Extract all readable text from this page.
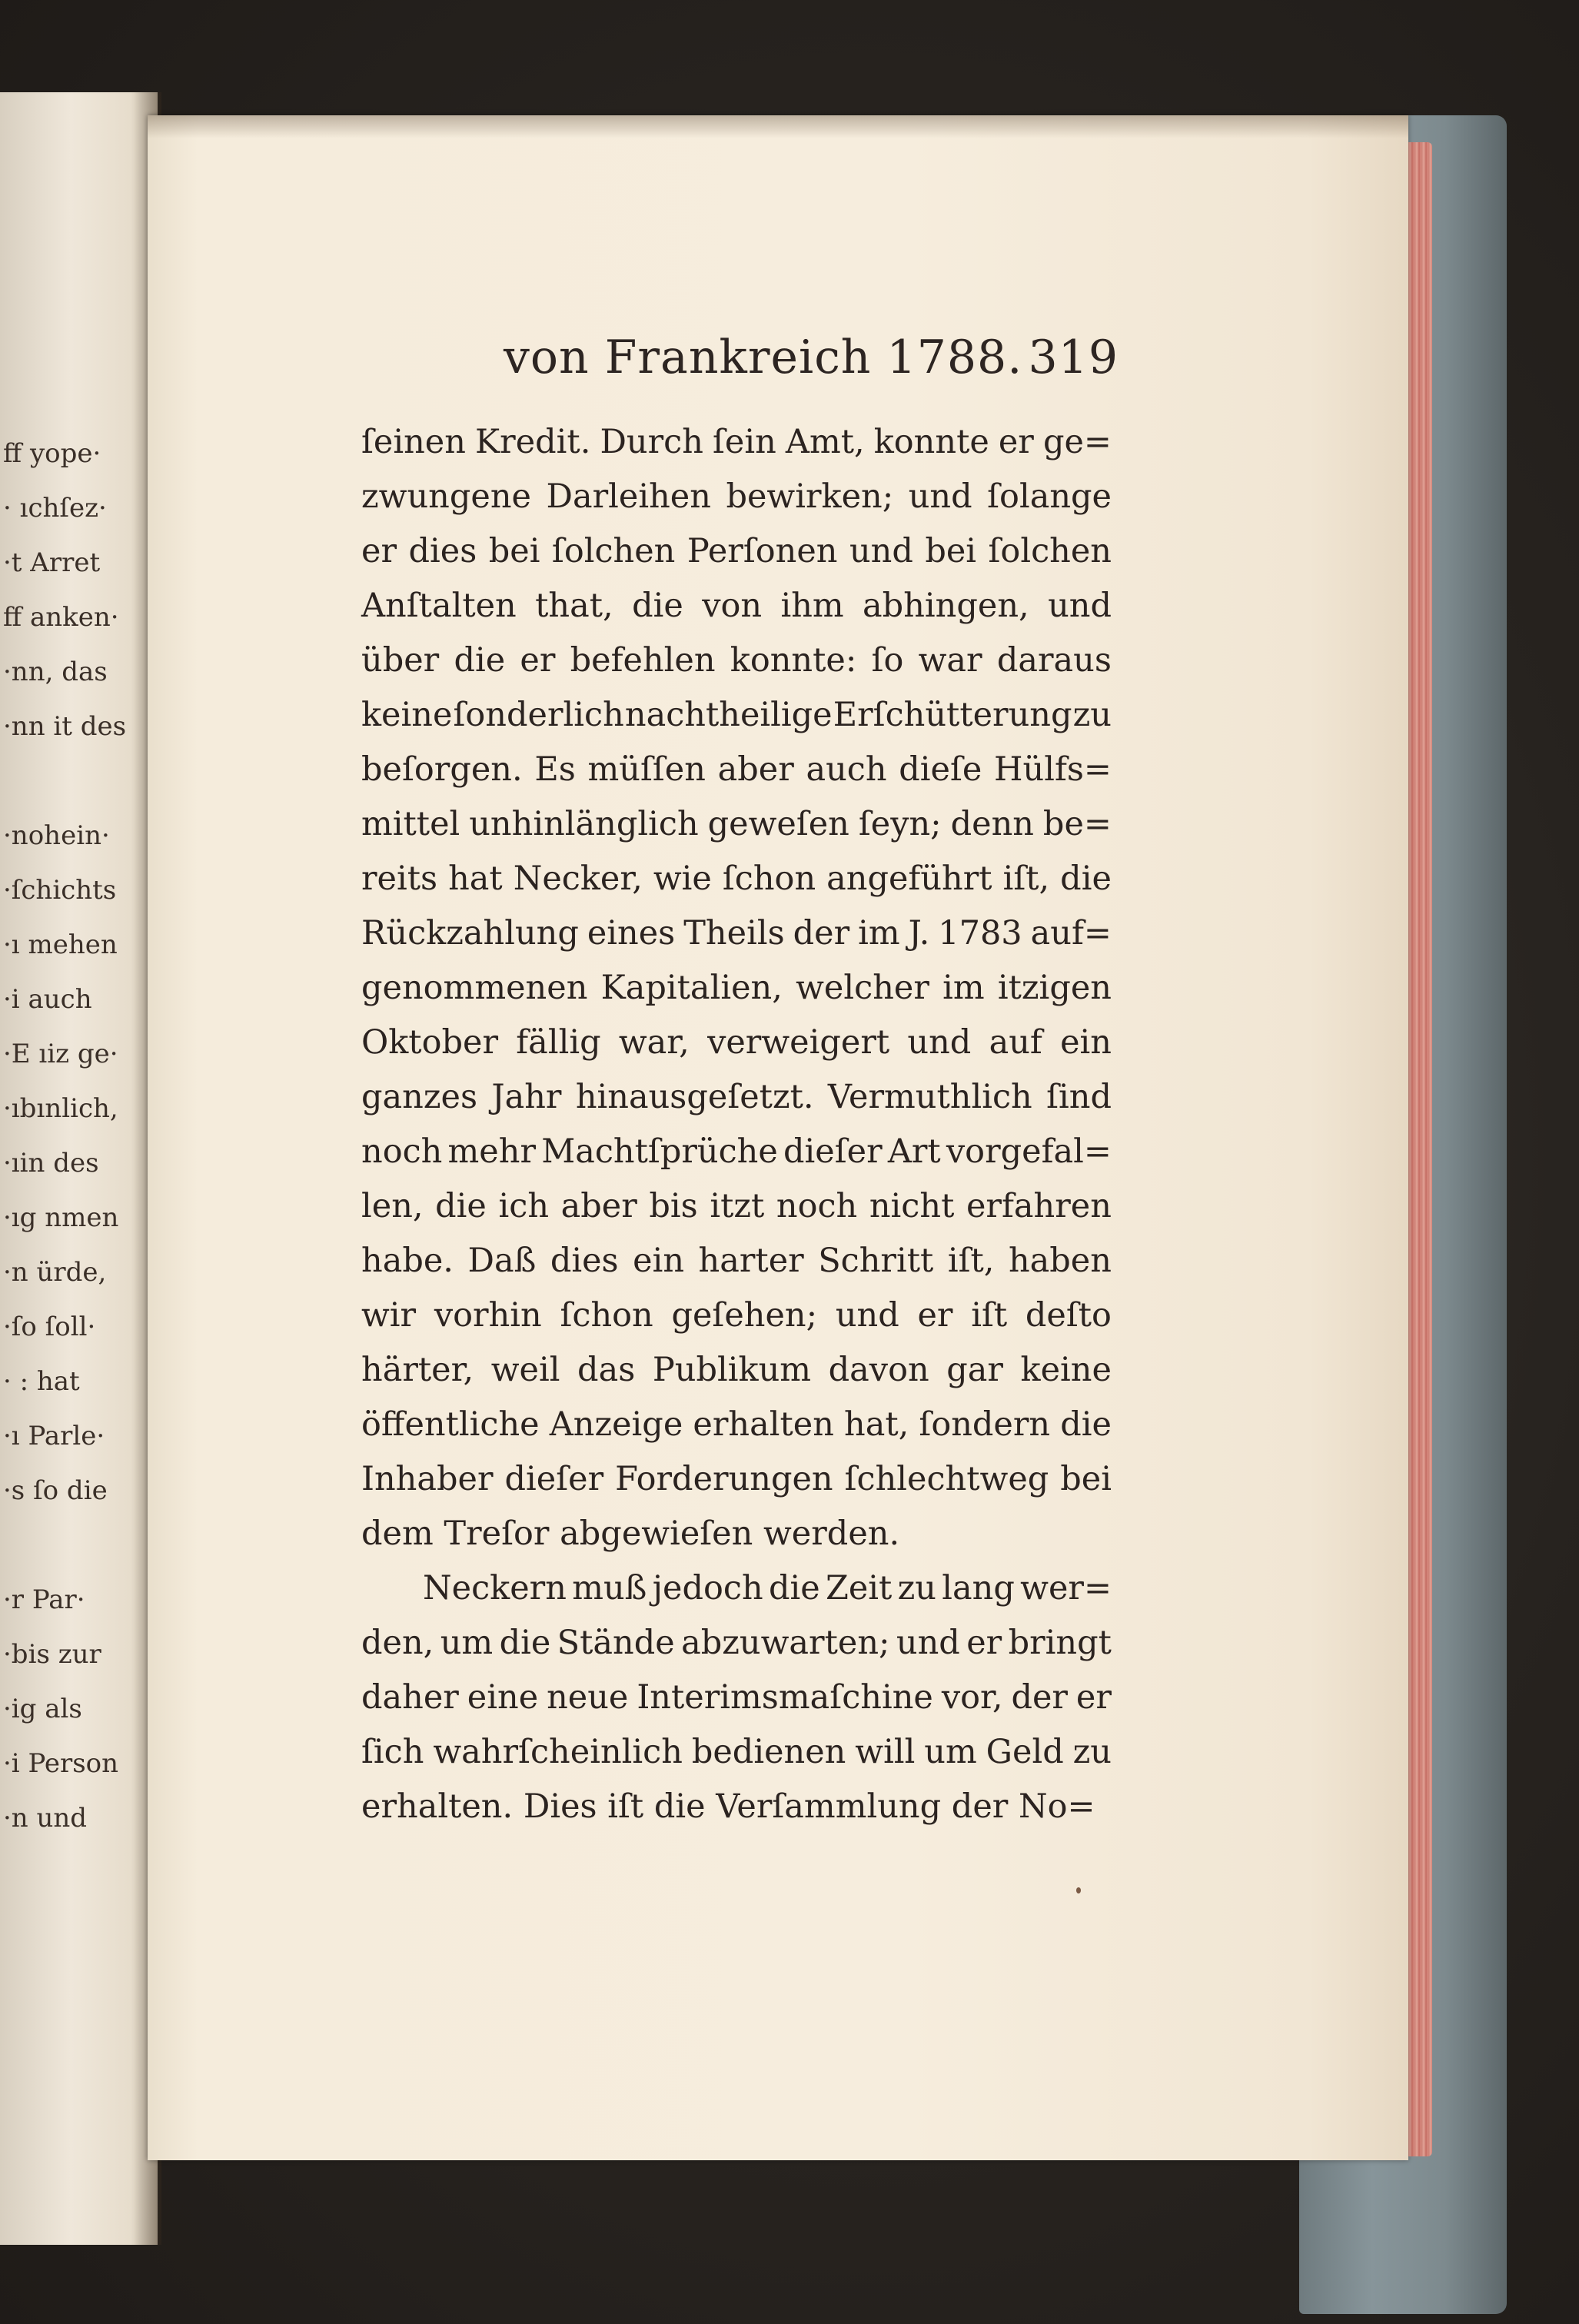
ﬀ yope·
· ıchſez·
·t Arret
ﬀ anken·
·nn, das
·nn it des
·nohein·
·ſchichts
·ı mehen
·i auch
·E ıiz ge·
·ıbınlich,
·ıin des
·ıg nmen
·n ürde,
·ſo ſoll·
· : hat
·ı Parle·
·s ſo die
·r Par·
·bis zur
·ig als
·i Person
·n und
von Frankreich 1788. 319
ſeinen Kredit. Durch ſein Amt, konnte er ge=
zwungene Darleihen bewirken; und ſolange
er dies bei ſolchen Perſonen und bei ſolchen
Anſtalten that, die von ihm abhingen, und
über die er befehlen konnte: ſo war daraus
keine ſonderlich nachtheilige Erſchütterung zu
beſorgen. Es müſſen aber auch dieſe Hülfs=
mittel unhinlänglich geweſen ſeyn; denn be=
reits hat Necker, wie ſchon angeführt iſt, die
Rückzahlung eines Theils der im J. 1783 auf=
genommenen Kapitalien, welcher im itzigen
Oktober fällig war, verweigert und auf ein
ganzes Jahr hinausgeſetzt. Vermuthlich ſind
noch mehr Machtſprüche dieſer Art vorgefal=
len, die ich aber bis itzt noch nicht erfahren
habe. Daß dies ein harter Schritt iſt, haben
wir vorhin ſchon geſehen; und er iſt deſto
härter, weil das Publikum davon gar keine
öffentliche Anzeige erhalten hat, ſondern die
Inhaber dieſer Forderungen ſchlechtweg bei
dem Treſor abgewieſen werden.
Neckern muß jedoch die Zeit zu lang wer=
den, um die Stände abzuwarten; und er bringt
daher eine neue Interimsmaſchine vor, der er
ſich wahrſcheinlich bedienen will um Geld zu
erhalten. Dies iſt die Verſammlung der No=
